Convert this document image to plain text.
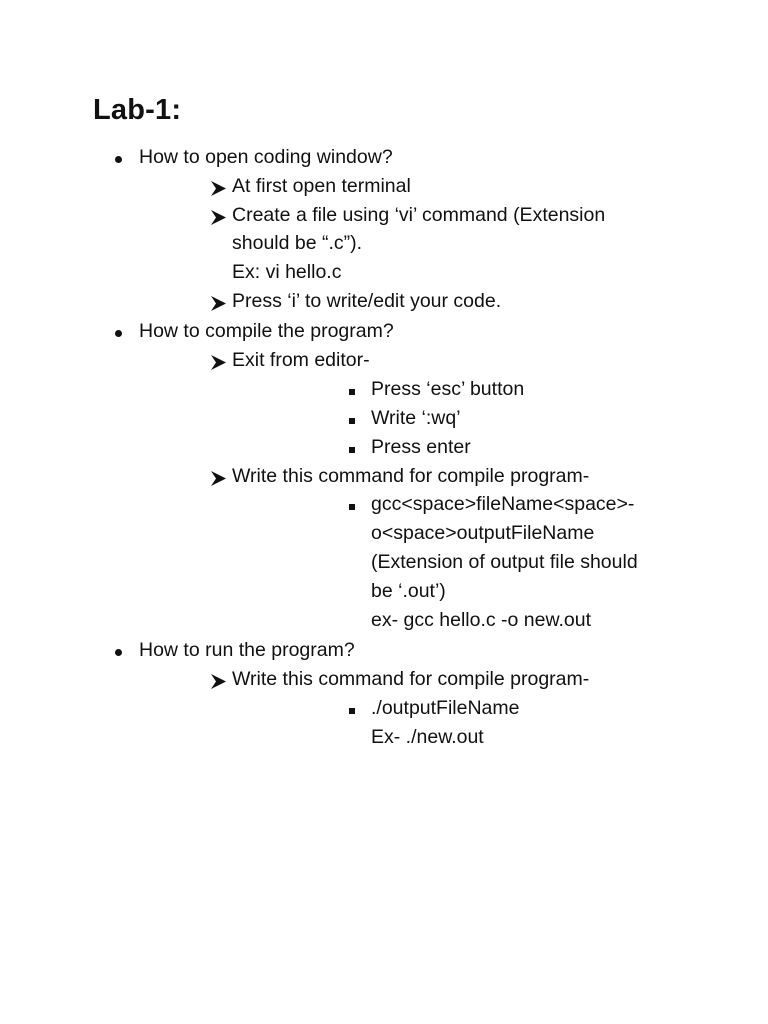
Lab-1:
How to open coding window?
At first open terminal
Create a file using ‘vi’ command (Extension
should be “.c”).
Ex: vi hello.c
Press ‘i’ to write/edit your code.
How to compile the program?
Exit from editor-
Press ‘esc’ button
Write ‘:wq’
Press enter
Write this command for compile program-
gcc<space>fileName<space>-
o<space>outputFileName
(Extension of output file should
be ‘.out’)
ex- gcc hello.c -o new.out
How to run the program?
Write this command for compile program-
./outputFileName
Ex- ./new.out
